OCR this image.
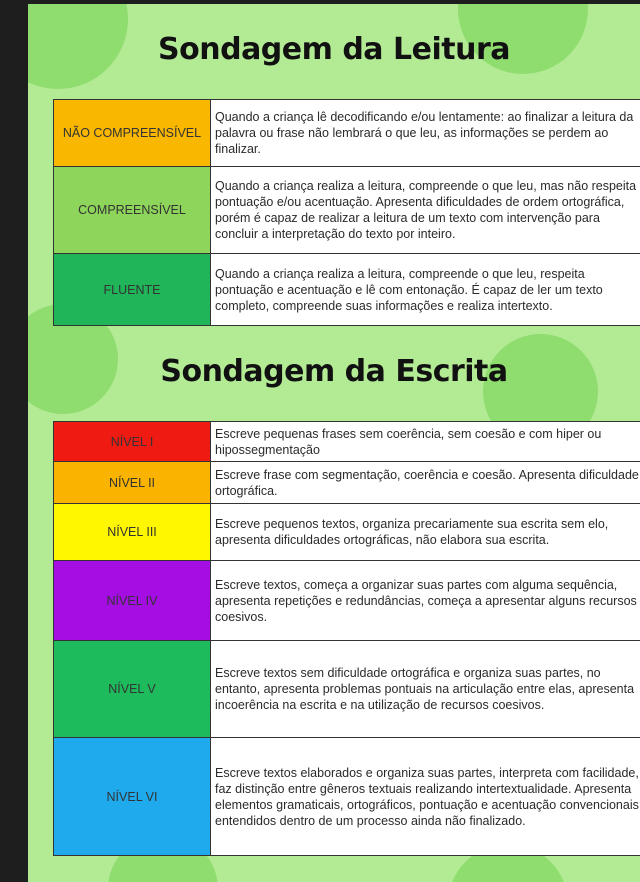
Sondagem da Leitura
NÃO COMPREENSÍVEL	Quando a criança lê decodificando e/ou lentamente: ao finalizar a leitura da palavra ou frase não lembrará o que leu, as informações se perdem ao finalizar.
COMPREENSÍVEL	Quando a criança realiza a leitura, compreende o que leu, mas não respeita pontuação e/ou acentuação. Apresenta dificuldades de ordem ortográfica, porém é capaz de realizar a leitura de um texto com intervenção para concluir a interpretação do texto por inteiro.
FLUENTE	Quando a criança realiza a leitura, compreende o que leu, respeita pontuação e acentuação e lê com entonação. É capaz de ler um texto completo, compreende suas informações e realiza intertexto.
Sondagem da Escrita
NÍVEL I	Escreve pequenas frases sem coerência, sem coesão e com hiper ou hipossegmentação
NÍVEL II	Escreve frase com segmentação, coerência e coesão. Apresenta dificuldade ortográfica.
NÍVEL III	Escreve pequenos textos, organiza precariamente sua escrita sem elo, apresenta dificuldades ortográficas, não elabora sua escrita.
NÍVEL IV	Escreve textos, começa a organizar suas partes com alguma sequência, apresenta repetições e redundâncias, começa a apresentar alguns recursos coesivos.
NÍVEL V	Escreve textos sem dificuldade ortográfica e organiza suas partes, no entanto, apresenta problemas pontuais na articulação entre elas, apresenta incoerência na escrita e na utilização de recursos coesivos.
NÍVEL VI	Escreve textos elaborados e organiza suas partes, interpreta com facilidade, faz distinção entre gêneros textuais realizando intertextualidade. Apresenta elementos gramaticais, ortográficos, pontuação e acentuação convencionais entendidos dentro de um processo ainda não finalizado.
